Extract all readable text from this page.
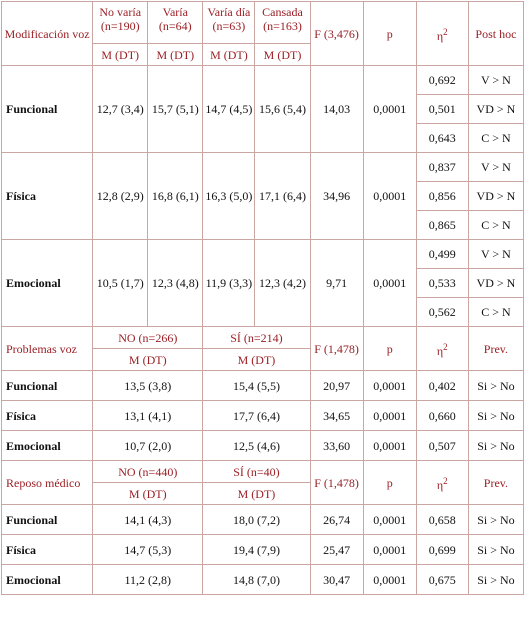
Modificación voz	No varía (n=190)	Varía (n=64)	Varía día (n=63)	Cansada (n=163)	F (3,476)	p	η$^2$	Post hoc
	M (DT)	M (DT)	M (DT)	M (DT)				
Funcional	12,7 (3,4)	15,7 (5,1)	14,7 (4,5)	15,6 (5,4)	14,03	0,0001	0,692	V > N
							0,501	VD > N
							0,643	C > N
Física	12,8 (2,9)	16,8 (6,1)	16,3 (5,0)	17,1 (6,4)	34,96	0,0001	0,837	V > N
							0,856	VD > N
							0,865	C > N
Emocional	10,5 (1,7)	12,3 (4,8)	11,9 (3,3)	12,3 (4,2)	9,71	0,0001	0,499	V > N
							0,533	VD > N
							0,562	C > N
Problemas voz	NO (n=266)		SÍ (n=214)		F (1,478)	p	η$^2$	Prev.
	M (DT)		M (DT)					
Funcional	13,5 (3,8)		15,4 (5,5)		20,97	0,0001	0,402	Si > No
Física	13,1 (4,1)		17,7 (6,4)		34,65	0,0001	0,660	Si > No
Emocional	10,7 (2,0)		12,5 (4,6)		33,60	0,0001	0,507	Si > No
Reposo médico	NO (n=440)		SÍ (n=40)		F (1,478)	p	η$^2$	Prev.
	M (DT)		M (DT)					
Funcional	14,1 (4,3)		18,0 (7,2)		26,74	0,0001	0,658	Si > No
Física	14,7 (5,3)		19,4 (7,9)		25,47	0,0001	0,699	Si > No
Emocional	11,2 (2,8)		14,8 (7,0)		30,47	0,0001	0,675	Si > No
